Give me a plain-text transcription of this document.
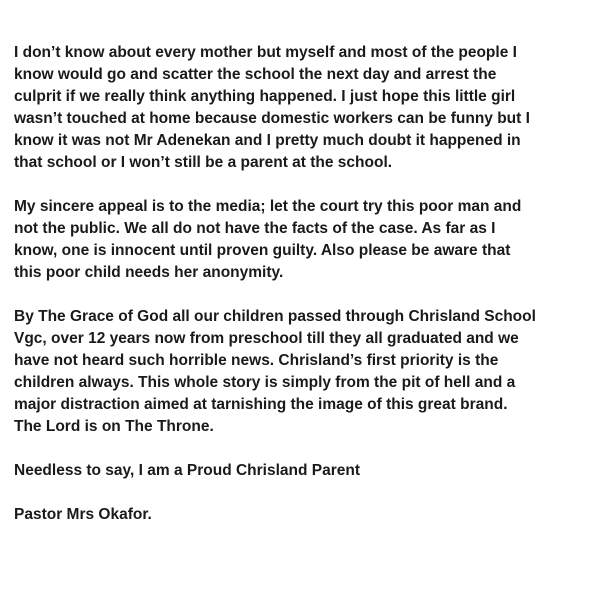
I don’t know about every mother but myself and most of the people I
know would go and scatter the school the next day and arrest the
culprit if we really think anything happened. I just hope this little girl
wasn’t touched at home because domestic workers can be funny but I
know it was not Mr Adenekan and I pretty much doubt it happened in
that school or I won’t still be a parent at the school.

My sincere appeal is to the media; let the court try this poor man and
not the public. We all do not have the facts of the case. As far as I
know, one is innocent until proven guilty. Also please be aware that
this poor child needs her anonymity.

By The Grace of God all our children passed through Chrisland School
Vgc, over 12 years now from preschool till they all graduated and we
have not heard such horrible news. Chrisland’s first priority is the
children always. This whole story is simply from the pit of hell and a
major distraction aimed at tarnishing the image of this great brand.
The Lord is on The Throne.

Needless to say, I am a Proud Chrisland Parent

Pastor Mrs Okafor.
